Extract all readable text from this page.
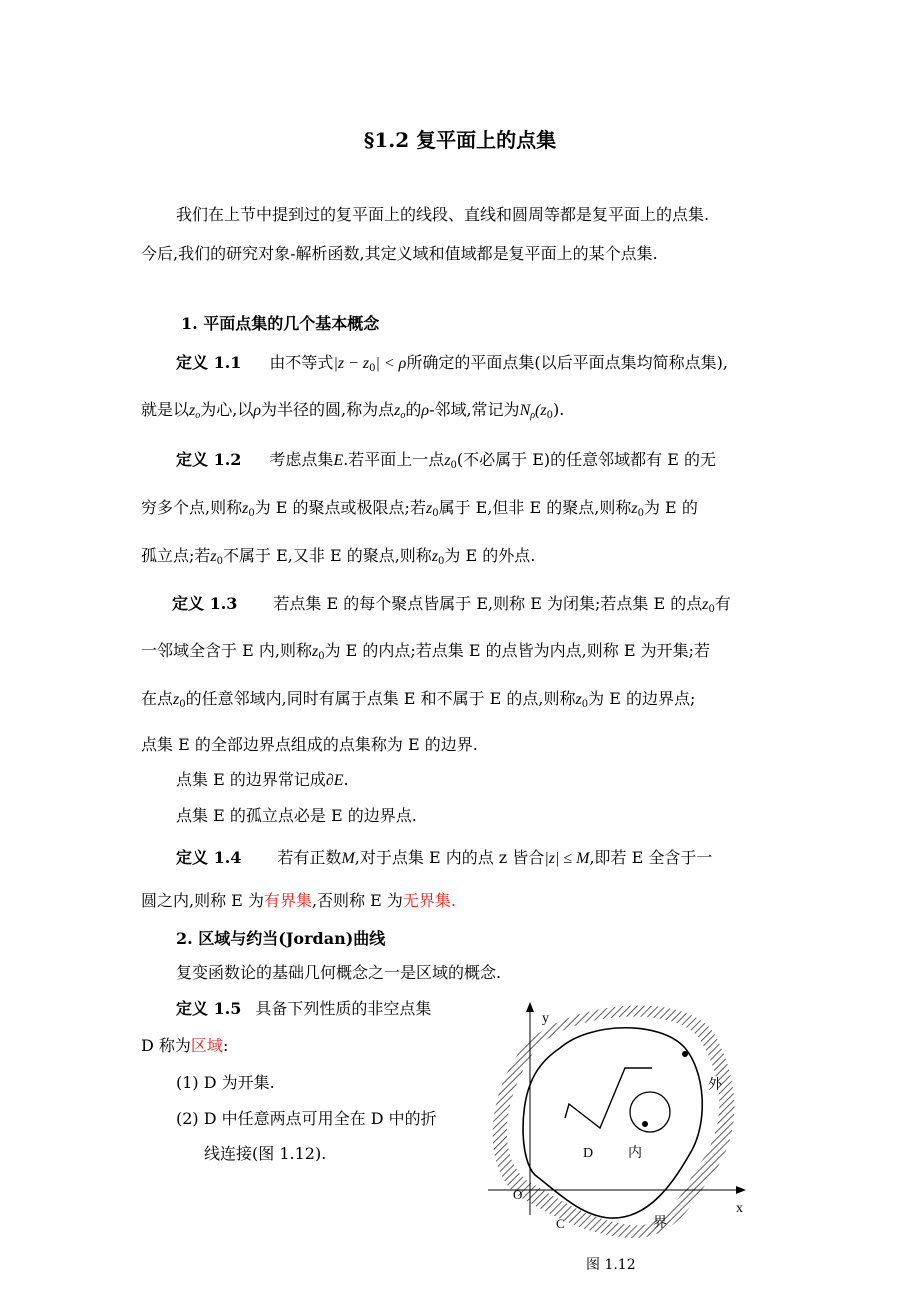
§1.2 复平面上的点集
我们在上节中提到过的复平面上的线段、直线和圆周等都是复平面上的点集.
今后,我们的研究对象-解析函数,其定义域和值域都是复平面上的某个点集.
1. 平面点集的几个基本概念
定义 1.1 由不等式$|z - z_0| < \rho$所确定的平面点集(以后平面点集均简称点集),
就是以$z_o$为心,以ρ为半径的圆,称为点$z_o$的ρ-邻域,常记为$N_\rho(z_0)$.
定义 1.2 考虑点集E.若平面上一点$z_0$(不必属于 E)的任意邻域都有 E 的无
穷多个点,则称$z_0$为 E 的聚点或极限点;若$z_0$属于 E,但非 E 的聚点,则称$z_0$为 E 的
孤立点;若$z_0$不属于 E,又非 E 的聚点,则称$z_0$为 E 的外点.
定义 1.3 若点集 E 的每个聚点皆属于 E,则称 E 为闭集;若点集 E 的点$z_0$有
一邻域全含于 E 内,则称$z_0$为 E 的内点;若点集 E 的点皆为内点,则称 E 为开集;若
在点$z_0$的任意邻域内,同时有属于点集 E 和不属于 E 的点,则称$z_0$为 E 的边界点;
点集 E 的全部边界点组成的点集称为 E 的边界.
点集 E 的边界常记成∂E.
点集 E 的孤立点必是 E 的边界点.
定义 1.4 若有正数M,对于点集 E 内的点 z 皆合|z| ≤ M,即若 E 全含于一
圆之内,则称 E 为有界集,否则称 E 为无界集.
2. 区域与约当(Jordan)曲线
复变函数论的基础几何概念之一是区域的概念.
定义 1.5 具备下列性质的非空点集
D 称为区域:
(1) D 为开集.
(2) D 中任意两点可用全在 D 中的折
线连接(图 1.12).
y
x
O
D 内
外
界
C
图 1.12
